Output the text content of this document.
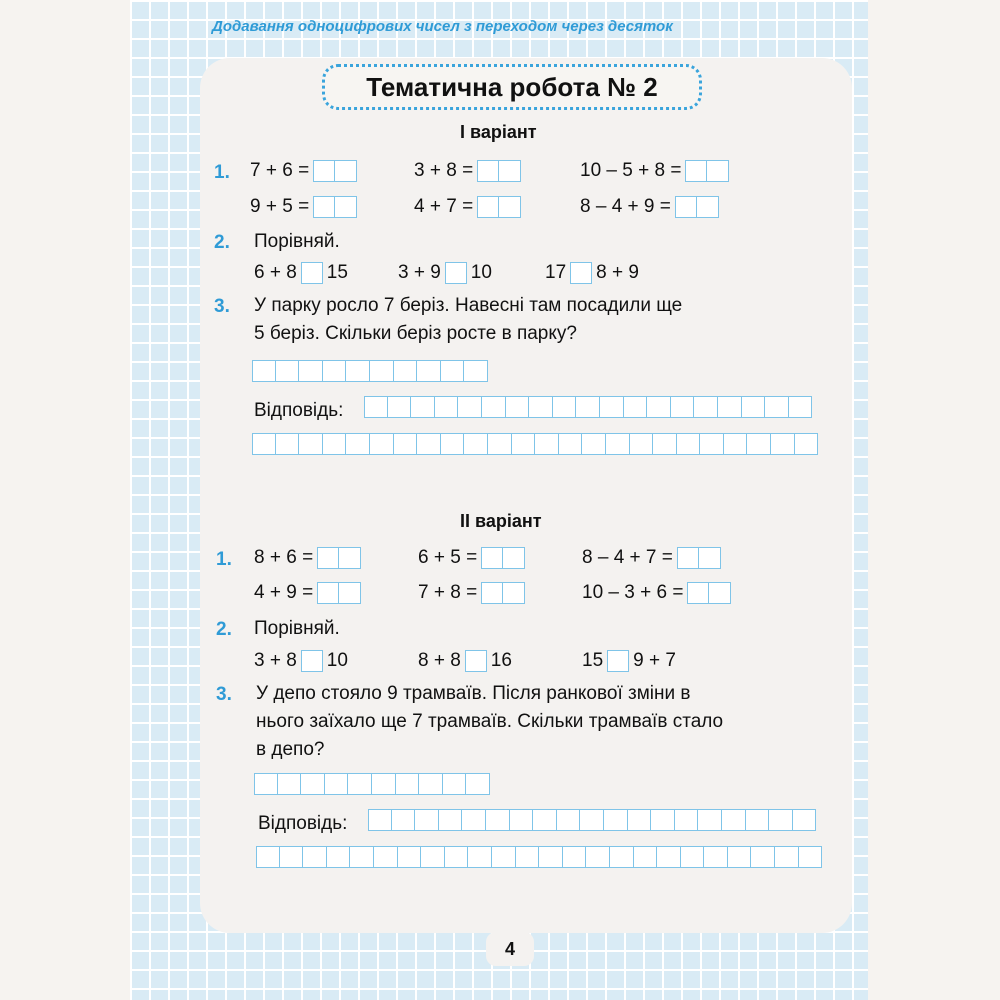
Додавання одноцифрових чисел з переходом через десяток
Тематична робота № 2
І варіант
1. 7 + 6 =	3 + 8 =	10 – 5 + 8 =
9 + 5 =	4 + 7 =	8 – 4 + 9 =
2. Порівняй.
6 + 8 15	3 + 9 10	17 8 + 9
3. У парку росло 7 беріз. Навесні там посадили ще
5 беріз. Скільки беріз росте в парку?
Відповідь:
ІІ варіант
1. 8 + 6 =	6 + 5 =	8 – 4 + 7 =
4 + 9 =	7 + 8 =	10 – 3 + 6 =
2. Порівняй.
3 + 8 10	8 + 8 16	15 9 + 7
3. У депо стояло 9 трамваїв. Після ранкової зміни в
нього заїхало ще 7 трамваїв. Скільки трамваїв стало
в депо?
Відповідь:
4
